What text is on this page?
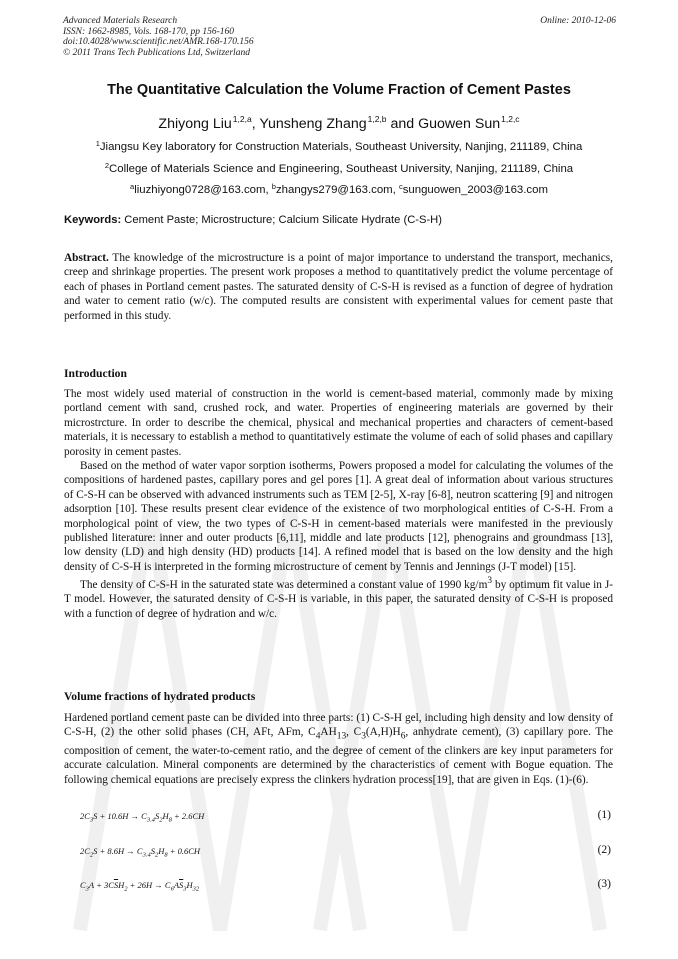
Advanced Materials Research
ISSN: 1662-8985, Vols. 168-170, pp 156-160
doi:10.4028/www.scientific.net/AMR.168-170.156
© 2011 Trans Tech Publications Ltd, Switzerland
Online: 2010-12-06
The Quantitative Calculation the Volume Fraction of Cement Pastes
Zhiyong Liu$^{1,2,a}$, Yunsheng Zhang$^{1,2,b}$ and Guowen Sun$^{1,2,c}$
$^1$Jiangsu Key laboratory for Construction Materials, Southeast University, Nanjing, 211189, China
$^2$College of Materials Science and Engineering, Southeast University, Nanjing, 211189, China
$^a$liuzhiyong0728@163.com, $^b$zhangys279@163.com, $^c$sunguowen_2003@163.com
Keywords: Cement Paste; Microstructure; Calcium Silicate Hydrate (C-S-H)
Abstract. The knowledge of the microstructure is a point of major importance to understand the transport, mechanics, creep and shrinkage properties. The present work proposes a method to quantitatively predict the volume percentage of each of phases in Portland cement pastes. The saturated density of C-S-H is revised as a function of degree of hydration and water to cement ratio (w/c). The computed results are consistent with experimental values for cement paste that performed in this study.
Introduction

The most widely used material of construction in the world is cement-based material, commonly made by mixing portland cement with sand, crushed rock, and water. Properties of engineering materials are governed by their microstrcture. In order to describe the chemical, physical and mechanical properties and characters of cement-based materials, it is necessary to establish a method to quantitatively estimate the volume of each of solid phases and capillary porosity in cement pastes.

Based on the method of water vapor sorption isotherms, Powers proposed a model for calculating the volumes of the compositions of hardened pastes, capillary pores and gel pores [1]. A great deal of information about various structures of C-S-H can be observed with advanced instruments such as TEM [2-5], X-ray [6-8], neutron scattering [9] and nitrogen adsorption [10]. These results present clear evidence of the existence of two morphological entities of C-S-H. From a morphological point of view, the two types of C-S-H in cement-based materials were manifested in the previously published literature: inner and outer products [6,11], middle and late products [12], phenograins and groundmass [13], low density (LD) and high density (HD) products [14]. A refined model that is based on the low density and the high density of C-S-H is interpreted in the forming microstructure of cement by Tennis and Jennings (J-T model) [15].

The density of C-S-H in the saturated state was determined a constant value of 1990 $kg/m^3$ by optimum fit value in J-T model. However, the saturated density of C-S-H is variable, in this paper, the saturated density of C-S-H is proposed with a function of degree of hydration and w/c.

Volume fractions of hydrated products
Hardened portland cement paste can be divided into three parts: (1) C-S-H gel, including high density and low density of C-S-H, (2) the other solid phases (CH, AFt, AFm, $C_4AH_{13}$, $C_3(A,H)H_6$, anhydrate cement), (3) capillary pore. The composition of cement, the water-to-cement ratio, and the degree of cement of the clinkers are key input parameters for accurate calculation. Mineral components are determined by the characteristics of cement with Bogue equation. The following chemical equations are precisely express the clinkers hydration process[19], that are given in Eqs. (1)-(6).
$2C_3S + 10.6H \to C_{3.4}S_2H_8 + 2.6CH$	(1)
$2C_2S + 8.6H \to C_{3.4}S_2H_8 + 0.6CH$	(2)
$C_3A + 3C\overline{S}H_2 + 26H \to C_6A\overline{S}_3H_{32}$	(3)
